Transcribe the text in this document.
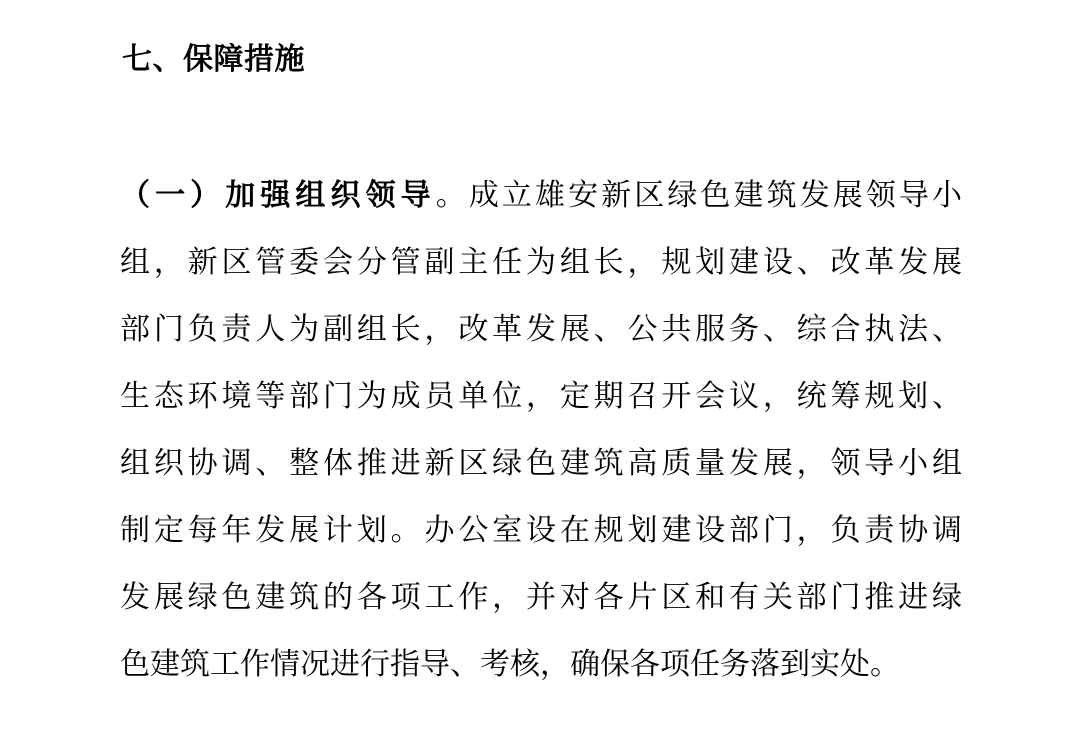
七、保障措施
（一）加强组织领导。成立雄安新区绿色建筑发展领导小
组，新区管委会分管副主任为组长，规划建设、改革发展
部门负责人为副组长，改革发展、公共服务、综合执法、
生态环境等部门为成员单位，定期召开会议，统筹规划、
组织协调、整体推进新区绿色建筑高质量发展，领导小组
制定每年发展计划。办公室设在规划建设部门，负责协调
发展绿色建筑的各项工作，并对各片区和有关部门推进绿
色建筑工作情况进行指导、考核，确保各项任务落到实处。
